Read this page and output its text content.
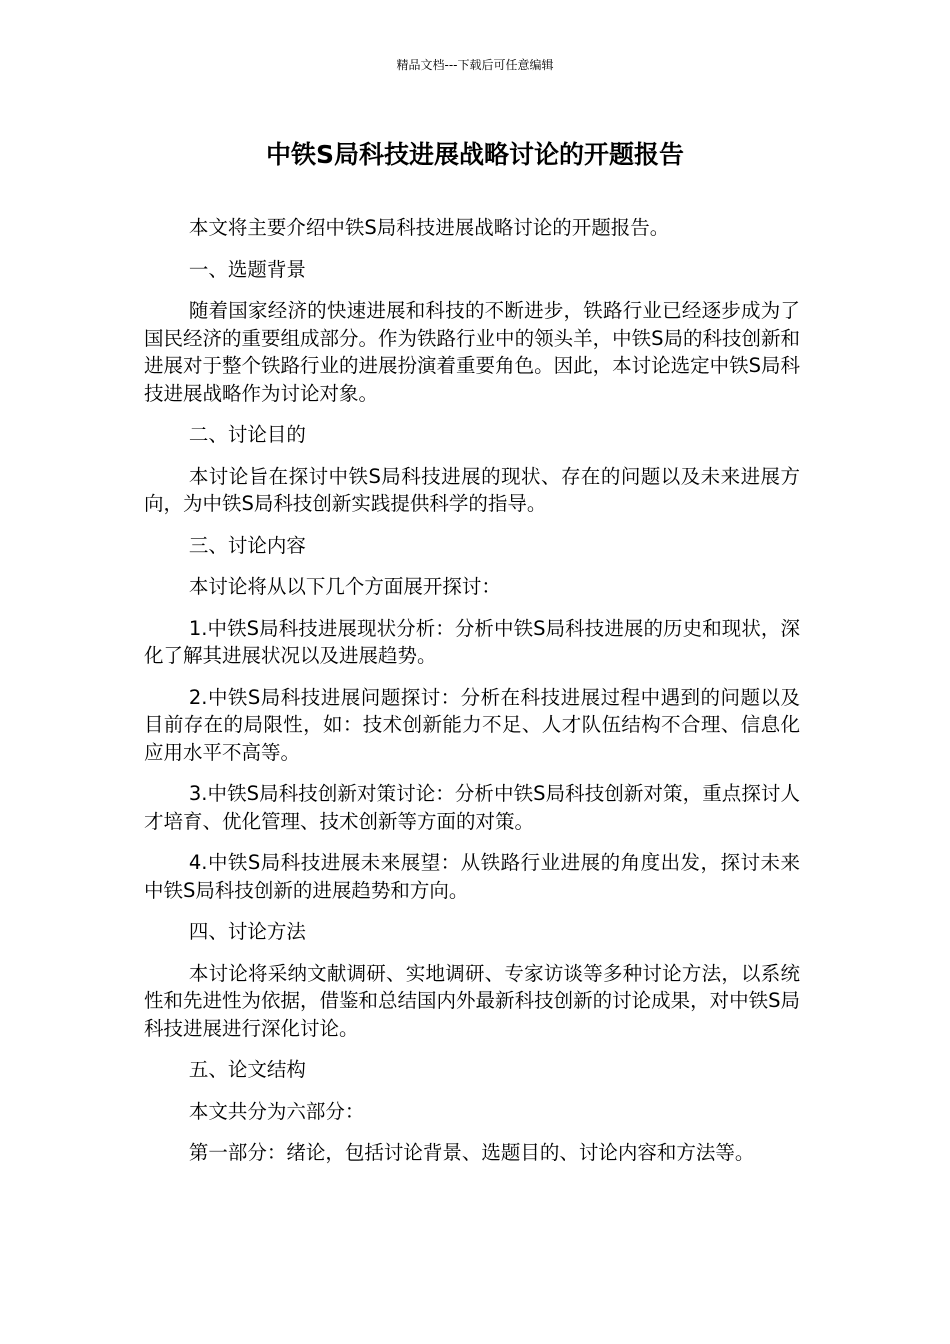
精品文档---下载后可任意编辑
中铁S局科技进展战略讨论的开题报告

本文将主要介绍中铁S局科技进展战略讨论的开题报告。

一、选题背景

随着国家经济的快速进展和科技的不断进步，铁路行业已经逐步成为了国民经济的重要组成部分。作为铁路行业中的领头羊，中铁S局的科技创新和进展对于整个铁路行业的进展扮演着重要角色。因此，本讨论选定中铁S局科技进展战略作为讨论对象。

二、讨论目的

本讨论旨在探讨中铁S局科技进展的现状、存在的问题以及未来进展方向，为中铁S局科技创新实践提供科学的指导。

三、讨论内容

本讨论将从以下几个方面展开探讨：

1.中铁S局科技进展现状分析：分析中铁S局科技进展的历史和现状，深化了解其进展状况以及进展趋势。

2.中铁S局科技进展问题探讨：分析在科技进展过程中遇到的问题以及目前存在的局限性，如：技术创新能力不足、人才队伍结构不合理、信息化应用水平不高等。

3.中铁S局科技创新对策讨论：分析中铁S局科技创新对策，重点探讨人才培育、优化管理、技术创新等方面的对策。

4.中铁S局科技进展未来展望：从铁路行业进展的角度出发，探讨未来中铁S局科技创新的进展趋势和方向。

四、讨论方法

本讨论将采纳文献调研、实地调研、专家访谈等多种讨论方法，以系统性和先进性为依据，借鉴和总结国内外最新科技创新的讨论成果，对中铁S局科技进展进行深化讨论。

五、论文结构

本文共分为六部分：

第一部分：绪论，包括讨论背景、选题目的、讨论内容和方法等。
